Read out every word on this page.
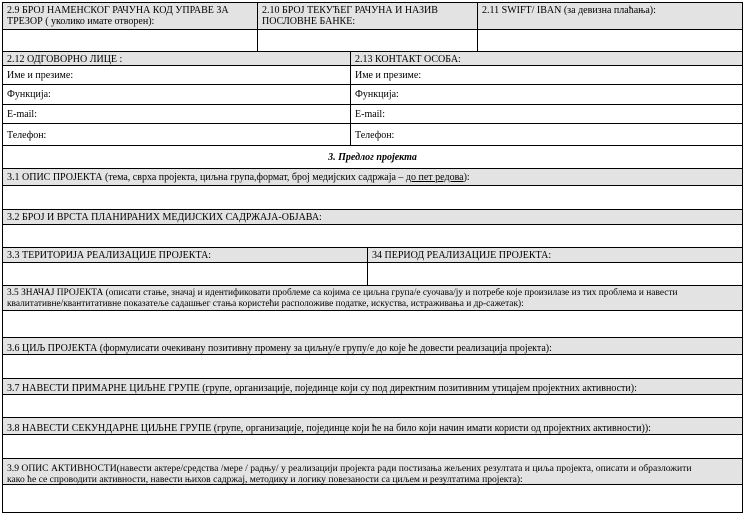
2.9 БРОЈ НАМЕНСКОГ РАЧУНА КОД УПРАВЕ ЗА
ТРЕЗОР ( уколико имате отворен):
2.10 БРОЈ ТЕКУЋЕГ РАЧУНА И НАЗИВ
ПОСЛОВНЕ БАНКЕ:
2.11 SWIFT/ IBAN (за девизна плаћања):
2.12 ОДГОВОРНО ЛИЦЕ :	2.13 КОНТАКТ ОСОБА:
Име и презиме:
Функција:
E-mail:
Телефон:
Име и презиме:
Функција:
E-mail:
Телефон:
3. Предлог пројекта
3.1 ОПИС ПРОЈЕКТА (тема, сврха пројекта, циљна група,формат, број медијских садржаја – до пет редова):
3.2 БРОЈ И ВРСТА ПЛАНИРАНИХ МЕДИЈСКИХ САДРЖАЈА-ОБЈАВА:
3.3 ТЕРИТОРИЈА РЕАЛИЗАЦИЈЕ ПРОЈЕКТА:	34 ПЕРИОД РЕАЛИЗАЦИЈЕ ПРОЈЕКТА:
3.5 ЗНАЧАЈ ПРОЈЕКТА (описати стање, значај и идентификовати проблеме са којима се циљна група/е суочава/ју и потребе које произилазе из тих проблема и навести
квалитативне/квантитативне показатеље садашњег стања користећи расположиве податке, искуства, истраживања и др-сажетак):
3.6 ЦИЉ ПРОЈЕКТА (формулисати очекивану позитивну промену за циљну/е групу/е до које ће довести реализација пројекта):
3.7 НАВЕСТИ ПРИМАРНЕ ЦИЉНЕ ГРУПЕ (групе, организације, појединце који су под директним позитивним утицајем пројектних активности):
3.8 НАВЕСТИ СЕКУНДАРНЕ ЦИЉНЕ ГРУПЕ (групе, организације, појединце који ће на било који начин имати користи од пројектних активности)):
3.9 ОПИС АКТИВНОСТИ(навести актере/средства /мере / радњу/ у реализацији пројекта ради постизања жељених резултата и циља пројекта, описати и образложити
како ће се спроводити активности, навести њихов садржај, методику и логику повезаности са циљем и резултатима пројекта):
